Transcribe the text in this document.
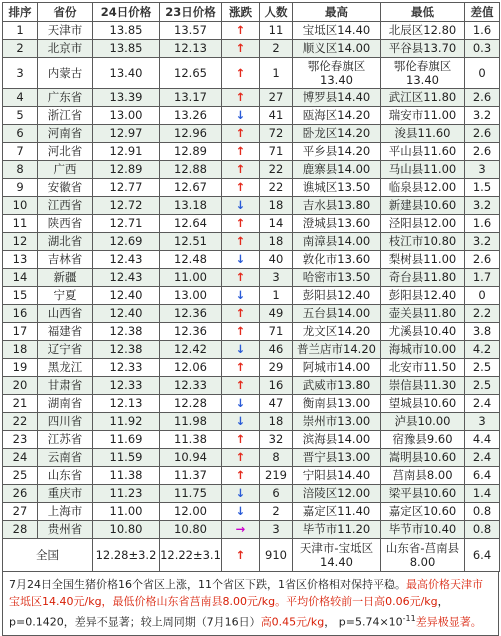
排序	省份	24日价格	23日价格	涨跌	人数	最高	最低	差值
1	天津市	13.85	13.57	↑	11	宝坻区14.40	北辰区12.80	1.6
2	北京市	13.85	12.13	↑	2	顺义区14.00	平谷县13.70	0.3
3	内蒙古	13.40	12.65	↑	1	鄂伦春旗区13.40	鄂伦春旗区13.40	0
4	广东省	13.39	13.17	↑	27	博罗县14.40	武江区11.80	2.6
5	浙江省	13.00	13.26	↓	41	瓯海区14.20	瑞安市11.00	3.2
6	河南省	12.97	12.96	↑	72	卧龙区14.20	浚县11.60	2.6
7	河北省	12.91	12.89	↑	71	平乡县14.20	平山县11.60	2.6
8	广西	12.89	12.88	↑	22	鹿寨县14.00	马山县11.00	3
9	安徽省	12.77	12.67	↑	22	谯城区13.50	临泉县12.00	1.5
10	江西省	12.72	13.18	↓	18	吉水县13.80	新建县10.60	3.2
11	陕西省	12.71	12.64	↑	14	澄城县13.60	泾阳县12.00	1.6
12	湖北省	12.69	12.51	↑	18	南漳县14.00	枝江市10.80	3.2
13	吉林省	12.43	12.48	↓	40	敦化市13.60	梨树县11.00	2.6
14	新疆	12.43	11.00	↑	3	哈密市13.50	奇台县11.80	1.7
15	宁夏	12.40	13.00	↓	1	彭阳县12.40	彭阳县12.40	0
16	山西省	12.40	12.36	↑	49	五台县14.00	壶关县11.80	2.2
17	福建省	12.38	12.36	↑	71	龙文区14.20	尤溪县10.40	3.8
18	辽宁省	12.38	12.42	↓	46	普兰店市14.20	海城市10.00	4.2
19	黑龙江	12.33	12.06	↑	29	阿城市14.00	北安市11.50	2.5
20	甘肃省	12.33	12.33	↑	16	武威市13.80	崇信县11.30	2.5
21	湖南省	12.13	12.28	↓	47	衡南县13.00	望城县10.60	2.4
22	四川省	11.92	11.98	↓	18	崇州市13.00	泸县10.00	3
23	江苏省	11.69	11.38	↑	32	滨海县14.00	宿豫县9.60	4.4
24	云南省	11.59	10.94	↑	8	晋宁县13.00	嵩明县10.60	2.4
25	山东省	11.38	11.37	↑	219	宁阳县14.40	莒南县8.00	6.4
26	重庆市	11.23	11.75	↓	6	涪陵区12.00	梁平县10.60	1.4
27	上海市	11.00	12.00	↓	2	嘉定区11.40	嘉定区10.60	0.8
28	贵州省	10.80	10.80	→	3	毕节市11.20	毕节市10.40	0.8
全国		12.28±3.2	12.22±3.1	↑	910	天津市-宝坻区14.40	山东省-莒南县8.00	6.4
7月24日全国生猪价格16个省区上涨，11个省区下跌，1省区价格相对保持平稳。最高价格天津市宝坻区14.40元/kg，最低价格山东省莒南县8.00元/kg。平均价格较前一日高0.06元/kg，p=0.1420，差异不显著；较上周同期（7月16日）高0.45元/kg， $p=5.74\times 10^{-11}$差异极显著。
